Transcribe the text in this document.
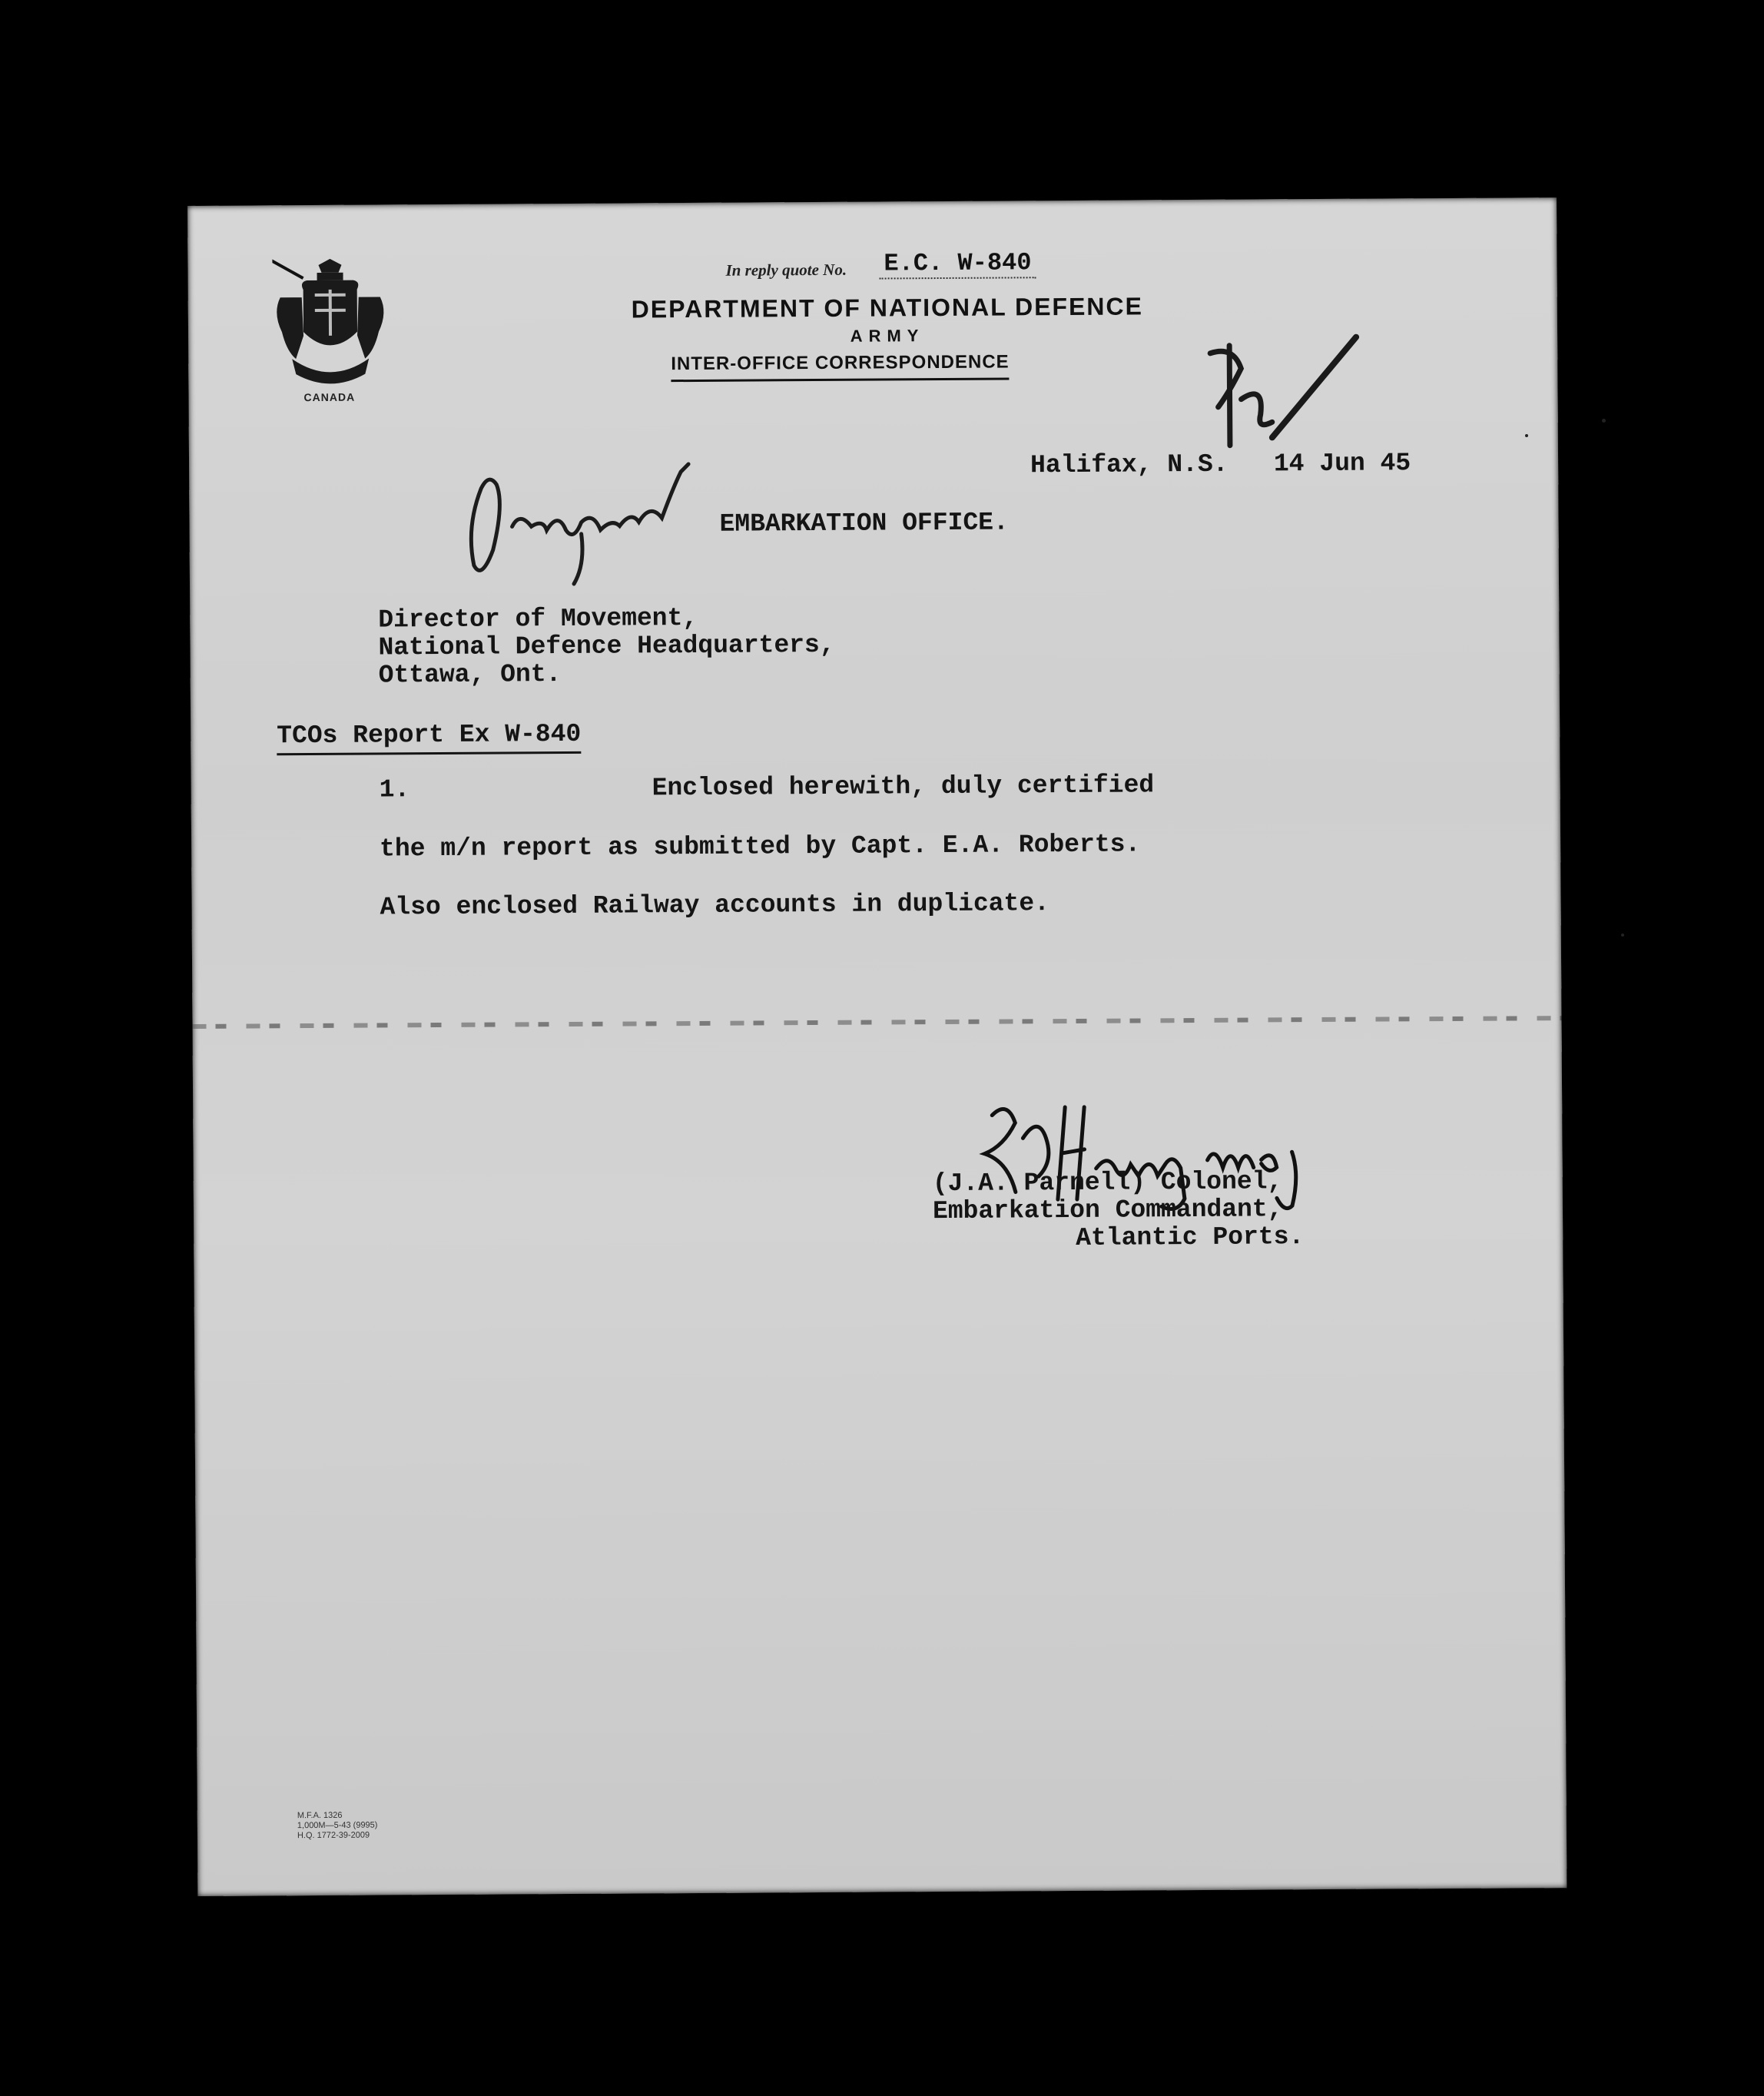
CANADA
In reply quote No. E.C. W-840
DEPARTMENT OF NATIONAL DEFENCE
ARMY
INTER-OFFICE CORRESPONDENCE
Halifax, N.S.   14 Jun 45
EMBARKATION OFFICE.
Director of Movement,
National Defence Headquarters,
Ottawa, Ont.
TCOs Report Ex W-840
1.	Enclosed herewith, duly certified
the m/n report as submitted by Capt. E.A. Roberts.
Also enclosed Railway accounts in duplicate.
(J.A. Parnell) Colonel,
Embarkation Commandant,
Atlantic Ports.
M.F.A. 1326
1,000M—5-43 (9995)
H.Q. 1772-39-2009
